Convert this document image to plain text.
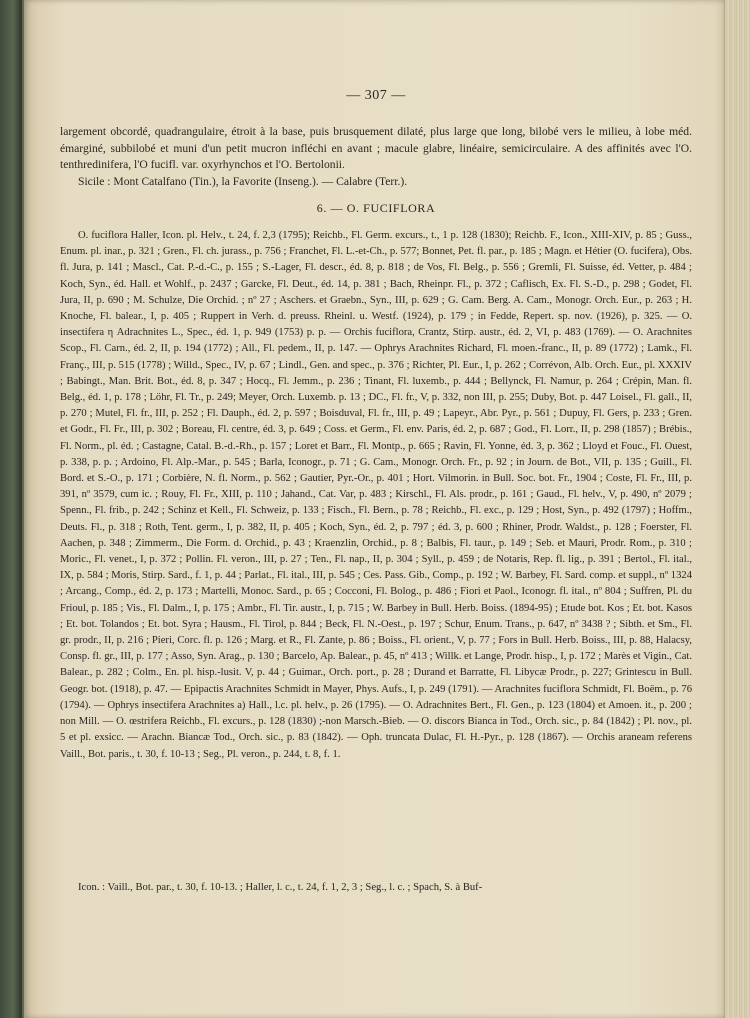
— 307 —

largement obcordé, quadrangulaire, étroit à la base, puis brusquement dilaté, plus large que long, bilobé vers le milieu, à lobe méd. émarginé, subbilobé et muni d'un petit mucron infléchi en avant ; macule glabre, linéaire, semicirculaire. A des affinités avec l'O. tenthredinifera, l'O fucifl. var. oxyrhynchos et l'O. Bertolonii.

Sicile : Mont Catalfano (Tin.), la Favorite (Inseng.). — Calabre (Terr.).

6. — O. FUCIFLORA

O. fuciflora Haller, Icon. pl. Helv., t. 24, f. 2,3 (1795); Reichb., Fl. Germ. excurs., t., 1 p. 128 (1830); Reichb. F., Icon., XIII-XIV, p. 85 ; Guss., Enum. pl. inar., p. 321 ; Gren., Fl. ch. jurass., p. 756 ; Franchet, Fl. L.-et-Ch., p. 577; Bonnet, Pet. fl. par., p. 185 ; Magn. et Hétier (O. fucifera), Obs. fl. Jura, p. 141 ; Mascl., Cat. P.-d.-C., p. 155 ; S.-Lager, Fl. descr., éd. 8, p. 818 ; de Vos, Fl. Belg., p. 556 ; Gremli, Fl. Suisse, éd. Vetter, p. 484 ; Koch, Syn., éd. Hall. et Wohlf., p. 2437 ; Garcke, Fl. Deut., éd. 14, p. 381 ; Bach, Rheinpr. Fl., p. 372 ; Caflisch, Ex. Fl. S.-D., p. 298 ; Godet, Fl. Jura, II, p. 690 ; M. Schulze, Die Orchid. ; nº 27 ; Aschers. et Graebn., Syn., III, p. 629 ; G. Cam. Berg. A. Cam., Monogr. Orch. Eur., p. 263 ; H. Knoche, Fl. balear., I, p. 405 ; Ruppert in Verh. d. preuss. Rheinl. u. Westf. (1924), p. 179 ; in Fedde, Repert. sp. nov. (1926), p. 325. — O. insectifera η Adrachnites L., Spec., éd. 1, p. 949 (1753) p. p. — Orchis fuciflora, Crantz, Stirp. austr., éd. 2, VI, p. 483 (1769). — O. Arachnites Scop., Fl. Carn., éd. 2, II, p. 194 (1772) ; All., Fl. pedem., II, p. 147. — Ophrys Arachnites Richard, Fl. moen.-franc., II, p. 89 (1772) ; Lamk., Fl. Franç., III, p. 515 (1778) ; Willd., Spec., IV, p. 67 ; Lindl., Gen. and spec., p. 376 ; Richter, Pl. Eur., I, p. 262 ; Corrévon, Alb. Orch. Eur., pl. XXXIV ; Babingt., Man. Brit. Bot., éd. 8, p. 347 ; Hocq., Fl. Jemm., p. 236 ; Tinant, Fl. luxemb., p. 444 ; Bellynck, Fl. Namur, p. 264 ; Crépin, Man. fl. Belg., éd. 1, p. 178 ; Löhr, Fl. Tr., p. 249; Meyer, Orch. Luxemb. p. 13 ; DC., Fl. fr., V, p. 332, non III, p. 255; Duby, Bot. p. 447 Loisel., Fl. gall., II, p. 270 ; Mutel, Fl. fr., III, p. 252 ; Fl. Dauph., éd. 2, p. 597 ; Boisduval, Fl. fr., III, p. 49 ; Lapeyr., Abr. Pyr., p. 561 ; Dupuy, Fl. Gers, p. 233 ; Gren. et Godr., Fl. Fr., III, p. 302 ; Boreau, Fl. centre, éd. 3, p. 649 ; Coss. et Germ., Fl. env. Paris, éd. 2, p. 687 ; God., Fl. Lorr., II, p. 298 (1857) ; Brébis., Fl. Norm., pl. éd. ; Castagne, Catal. B.-d.-Rh., p. 157 ; Loret et Barr., Fl. Montp., p. 665 ; Ravin, Fl. Yonne, éd. 3, p. 362 ; Lloyd et Fouc., Fl. Ouest, p. 338, p. p. ; Ardoino, Fl. Alp.-Mar., p. 545 ; Barla, Iconogr., p. 71 ; G. Cam., Monogr. Orch. Fr., p. 92 ; in Journ. de Bot., VII, p. 135 ; Guill., Fl. Bord. et S.-O., p. 171 ; Corbière, N. fl. Norm., p. 562 ; Gautier, Pyr.-Or., p. 401 ; Hort. Vilmorin. in Bull. Soc. bot. Fr., 1904 ; Coste, Fl. Fr., III, p. 391, nº 3579, cum ic. ; Rouy, Fl. Fr., XIII, p. 110 ; Jahand., Cat. Var, p. 483 ; Kirschl., Fl. Als. prodr., p. 161 ; Gaud., Fl. helv., V, p. 490, nº 2079 ; Spenn., Fl. frib., p. 242 ; Schinz et Kell., Fl. Schweiz, p. 133 ; Fisch., Fl. Bern., p. 78 ; Reichb., Fl. exc., p. 129 ; Host, Syn., p. 492 (1797) ; Hoffm., Deuts. Fl., p. 318 ; Roth, Tent. germ., I, p. 382, II, p. 405 ; Koch, Syn., éd. 2, p. 797 ; éd. 3, p. 600 ; Rhiner, Prodr. Waldst., p. 128 ; Foerster, Fl. Aachen, p. 348 ; Zimmerm., Die Form. d. Orchid., p. 43 ; Kraenzlin, Orchid., p. 8 ; Balbis, Fl. taur., p. 149 ; Seb. et Mauri, Prodr. Rom., p. 310 ; Moric., Fl. venet., I, p. 372 ; Pollin. Fl. veron., III, p. 27 ; Ten., Fl. nap., II, p. 304 ; Syll., p. 459 ; de Notaris, Rep. fl. lig., p. 391 ; Bertol., Fl. ital., IX, p. 584 ; Moris, Stirp. Sard., f. 1, p. 44 ; Parlat., Fl. ital., III, p. 545 ; Ces. Pass. Gib., Comp., p. 192 ; W. Barbey, Fl. Sard. comp. et suppl., nº 1324 ; Arcang., Comp., éd. 2, p. 173 ; Martelli, Monoc. Sard., p. 65 ; Cocconi, Fl. Bolog., p. 486 ; Fiori et Paol., Iconogr. fl. ital., nº 804 ; Suffren, Pl. du Frioul, p. 185 ; Vis., Fl. Dalm., I, p. 175 ; Ambr., Fl. Tir. austr., I, p. 715 ; W. Barbey in Bull. Herb. Boiss. (1894-95) ; Etude bot. Kos ; Et. bot. Kasos ; Et. bot. Tolandos ; Et. bot. Syra ; Hausm., Fl. Tirol, p. 844 ; Beck, Fl. N.-Oest., p. 197 ; Schur, Enum. Trans., p. 647, nº 3438 ? ; Sibth. et Sm., Fl. gr. prodr., II, p. 216 ; Pieri, Corc. fl. p. 126 ; Marg. et R., Fl. Zante, p. 86 ; Boiss., Fl. orient., V, p. 77 ; Fors in Bull. Herb. Boiss., III, p. 88, Halacsy, Consp. fl. gr., III, p. 177 ; Asso, Syn. Arag., p. 130 ; Barcelo, Ap. Balear., p. 45, nº 413 ; Willk. et Lange, Prodr. hisp., I, p. 172 ; Marès et Vigin., Cat. Balear., p. 282 ; Colm., En. pl. hisp.-lusit. V, p. 44 ; Guimar., Orch. port., p. 28 ; Durand et Barratte, Fl. Libycæ Prodr., p. 227; Grintescu in Bull. Geogr. bot. (1918), p. 47. — Epipactis Arachnites Schmidt in Mayer, Phys. Aufs., I, p. 249 (1791). — Arachnites fuciflora Schmidt, Fl. Boëm., p. 76 (1794). — Ophrys insectifera Arachnites a) Hall., l.c. pl. helv., p. 26 (1795). — O. Adrachnites Bert., Fl. Gen., p. 123 (1804) et Amoen. it., p. 200 ; non Mill. — O. œstrifera Reichb., Fl. excurs., p. 128 (1830) ;-non Marsch.-Bieb. — O. discors Bianca in Tod., Orch. sic., p. 84 (1842) ; Pl. nov., pl. 5 et pl. exsicc. — Arachn. Biancæ Tod., Orch. sic., p. 83 (1842). — Oph. truncata Dulac, Fl. H.-Pyr., p. 128 (1867). — Orchis araneam referens Vaill., Bot. paris., t. 30, f. 10-13 ; Seg., Pl. veron., p. 244, t. 8, f. 1.

Icon. : Vaill., Bot. par., t. 30, f. 10-13. ; Haller, l. c., t. 24, f. 1, 2, 3 ; Seg., l. c. ; Spach, S. à Buf-
